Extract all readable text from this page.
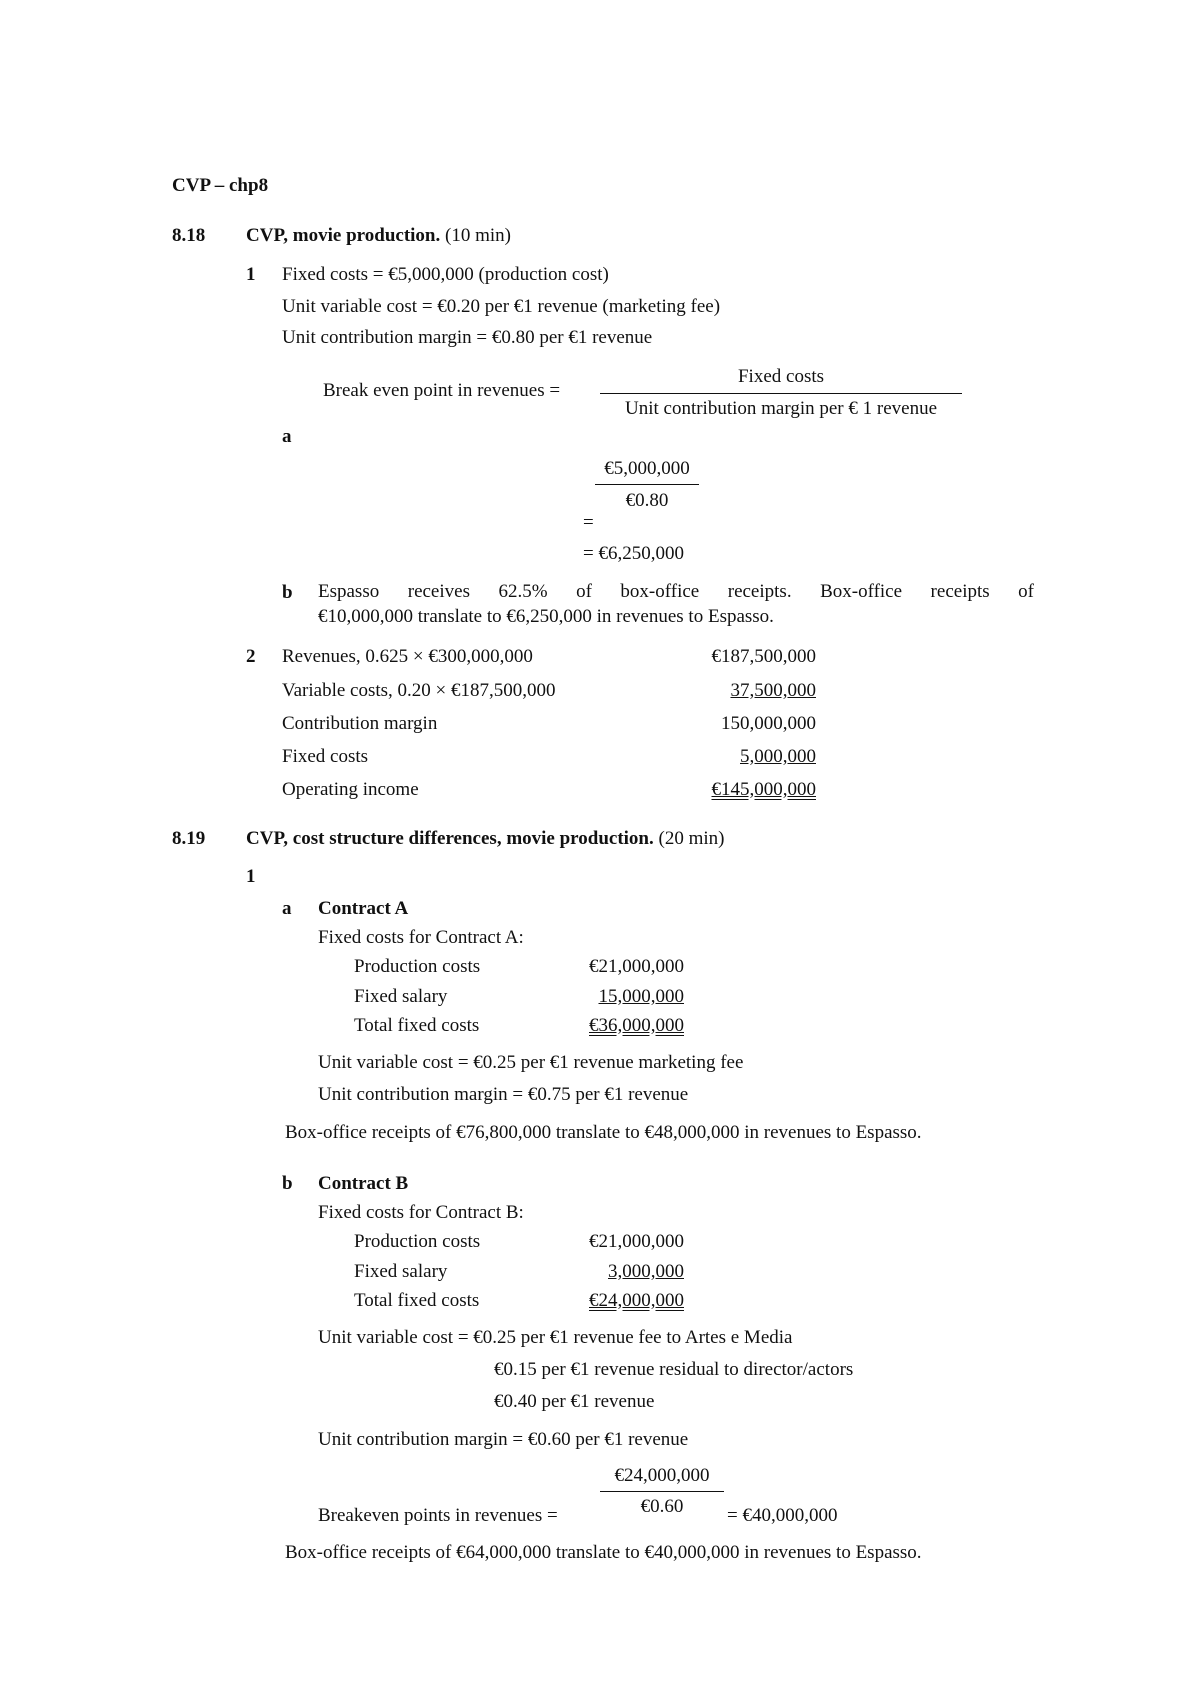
CVP – chp8
8.18 CVP, movie production. (10 min)
1 Fixed costs = €5,000,000 (production cost)
Unit variable cost = €0.20 per €1 revenue (marketing fee)
Unit contribution margin = €0.80 per €1 revenue
Break even point in revenues =
Fixed costs
Unit contribution margin per € 1 revenue
a
€5,000,000
€0.80
=
= €6,250,000
b Espasso receives 62.5% of box-office receipts. Box-office receipts of
€10,000,000 translate to €6,250,000 in revenues to Espasso.
2 Revenues, 0.625 × €300,000,000	€187,500,000
Variable costs, 0.20 × €187,500,000	37,500,000
Contribution margin	150,000,000
Fixed costs	5,000,000
Operating income	€145,000,000
8.19 CVP, cost structure differences, movie production. (20 min)
1
a Contract A
Fixed costs for Contract A:
Production costs	€21,000,000
Fixed salary	15,000,000
Total fixed costs	€36,000,000
Unit variable cost = €0.25 per €1 revenue marketing fee
Unit contribution margin = €0.75 per €1 revenue
Box-office receipts of €76,800,000 translate to €48,000,000 in revenues to Espasso.
b Contract B
Fixed costs for Contract B:
Production costs	€21,000,000
Fixed salary	3,000,000
Total fixed costs	€24,000,000
Unit variable cost = €0.25 per €1 revenue fee to Artes e Media
€0.15 per €1 revenue residual to director/actors
€0.40 per €1 revenue
Unit contribution margin = €0.60 per €1 revenue
€24,000,000
Breakeven points in revenues =	€0.60	= €40,000,000
Box-office receipts of €64,000,000 translate to €40,000,000 in revenues to Espasso.
